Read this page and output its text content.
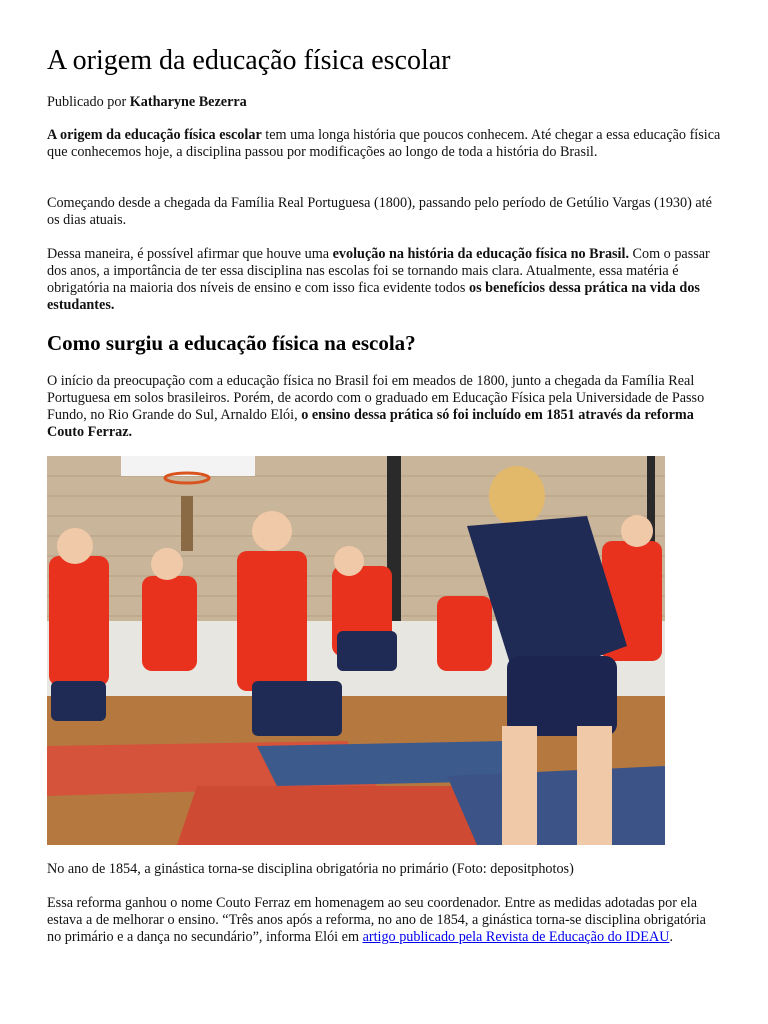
A origem da educação física escolar

Publicado por Katharyne Bezerra

A origem da educação física escolar tem uma longa história que poucos conhecem. Até chegar a essa educação física que conhecemos hoje, a disciplina passou por modificações ao longo de toda a história do Brasil.

Começando desde a chegada da Família Real Portuguesa (1800), passando pelo período de Getúlio Vargas (1930) até os dias atuais.

Dessa maneira, é possível afirmar que houve uma evolução na história da educação física no Brasil. Com o passar dos anos, a importância de ter essa disciplina nas escolas foi se tornando mais clara. Atualmente, essa matéria é obrigatória na maioria dos níveis de ensino e com isso fica evidente todos os benefícios dessa prática na vida dos estudantes.

Como surgiu a educação física na escola?

O início da preocupação com a educação física no Brasil foi em meados de 1800, junto a chegada da Família Real Portuguesa em solos brasileiros. Porém, de acordo com o graduado em Educação Física pela Universidade de Passo Fundo, no Rio Grande do Sul, Arnaldo Elói, o ensino dessa prática só foi incluído em 1851 através da reforma Couto Ferraz.

No ano de 1854, a ginástica torna-se disciplina obrigatória no primário (Foto: depositphotos)

Essa reforma ganhou o nome Couto Ferraz em homenagem ao seu coordenador. Entre as medidas adotadas por ela estava a de melhorar o ensino. “Três anos após a reforma, no ano de 1854, a ginástica torna-se disciplina obrigatória no primário e a dança no secundário”, informa Elói em artigo publicado pela Revista de Educação do IDEAU.
